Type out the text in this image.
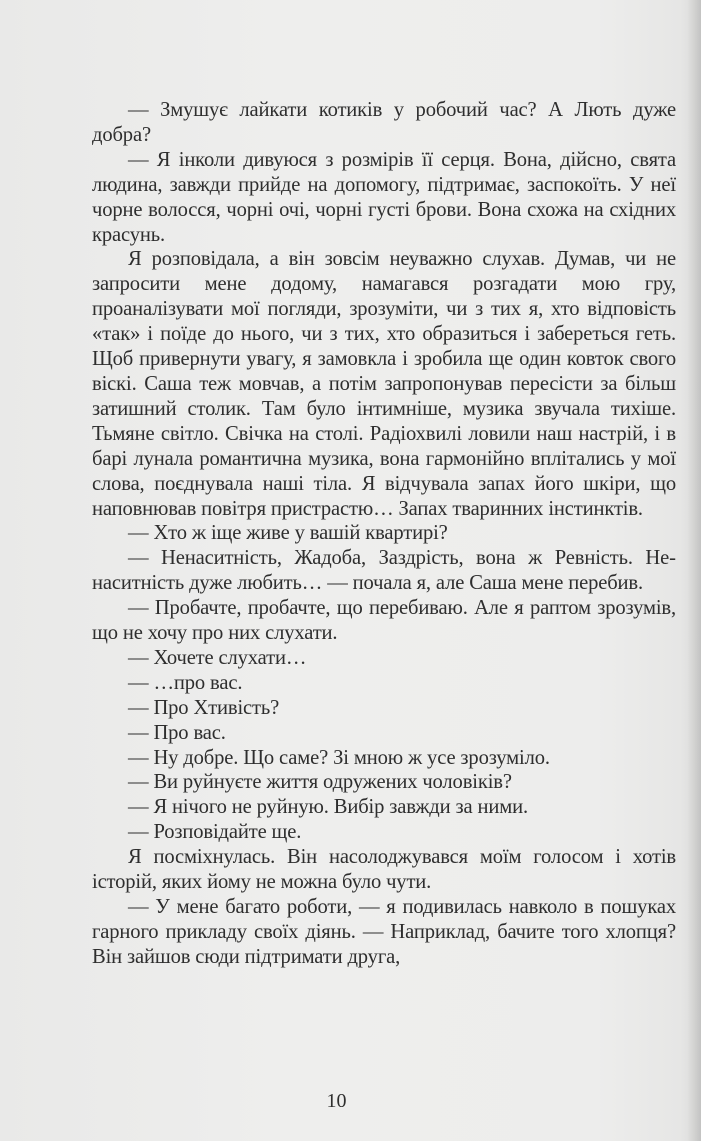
— Змушує лайкати котиків у робочий час? А Лють дуже добра?

— Я інколи дивуюся з розмірів її серця. Вона, дійсно, свята людина, завжди прийде на допомогу, підтримає, заспокоїть. У неї чорне волосся, чорні очі, чорні густі брови. Вона схожа на східних красунь.

Я розповідала, а він зовсім неуважно слухав. Думав, чи не запросити мене додому, намагався розгадати мою гру, проаналізувати мої погляди, зрозуміти, чи з тих я, хто відповість «так» і поїде до нього, чи з тих, хто образиться і забереться геть. Щоб привернути увагу, я замовкла і зробила ще один ковток свого віскі. Саша теж мовчав, а потім запропонував пересісти за більш затишний столик. Там було інтимніше, музика звучала тихіше. Тьмяне світло. Свічка на столі. Радіохвилі ловили наш настрій, і в барі лунала романтична музика, вона гармонійно вплітались у мої слова, поєднувала наші тіла. Я відчувала запах його шкіри, що наповнював повітря пристрастю… Запах тваринних інстинктів.

— Хто ж іще живе у вашій квартирі?

— Ненаситність, Жадоба, Заздрість, вона ж Ревність. Ненаситність дуже любить… — почала я, але Саша мене перебив.

— Пробачте, пробачте, що перебиваю. Але я раптом зрозумів, що не хочу про них слухати.

— Хочете слухати…

— …про вас.

— Про Хтивість?

— Про вас.

— Ну добре. Що саме? Зі мною ж усе зрозуміло.

— Ви руйнуєте життя одружених чоловіків?

— Я нічого не руйную. Вибір завжди за ними.

— Розповідайте ще.

Я посміхнулась. Він насолоджувався моїм голосом і хотів історій, яких йому не можна було чути.

— У мене багато роботи, — я подивилась навколо в пошуках гарного прикладу своїх діянь. — Наприклад, бачите того хлопця? Він зайшов сюди підтримати друга,

10
